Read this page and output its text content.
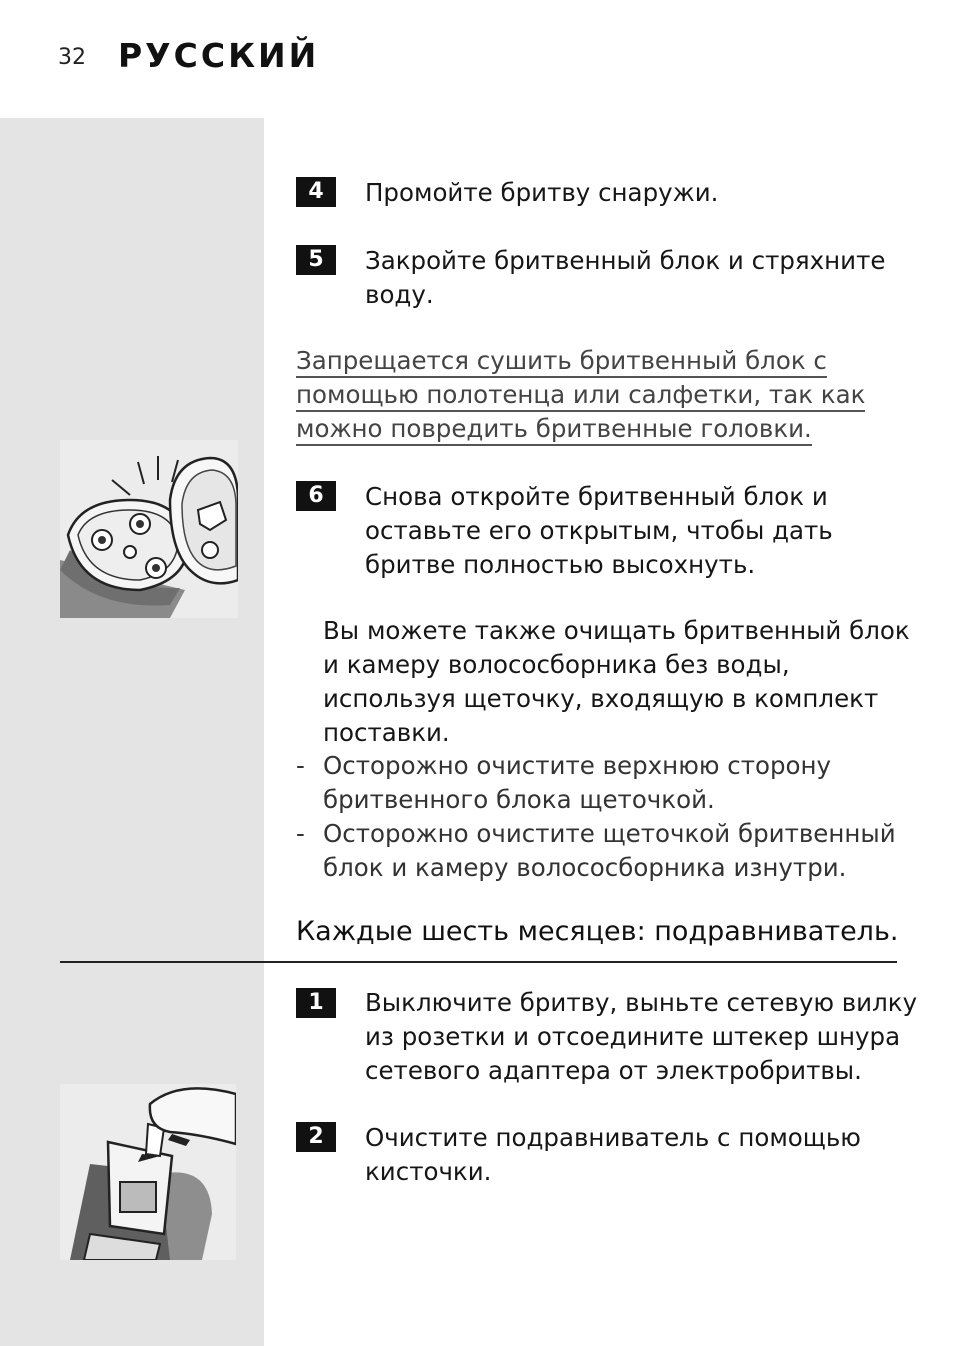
32 РУССКИЙ
4	Промойте бритву снаружи.
5	Закройте бритвенный блок и стряхните воду.
Запрещается сушить бритвенный блок с
помощью полотенца или салфетки, так как
можно повредить бритвенные головки.
6	Снова откройте бритвенный блок и оставьте его открытым, чтобы дать бритве полностью высохнуть.
Вы можете также очищать бритвенный блок и камеру волососборника без воды, используя щеточку, входящую в комплект поставки.
- Осторожно очистите верхнюю сторону бритвенного блока щеточкой.
- Осторожно очистите щеточкой бритвенный блок и камеру волососборника изнутри.
Каждые шесть месяцев: подравниватель.
1	Выключите бритву, выньте сетевую вилку из розетки и отсоедините штекер шнура сетевого адаптера от электробритвы.
2	Очистите подравниватель с помощью кисточки.
